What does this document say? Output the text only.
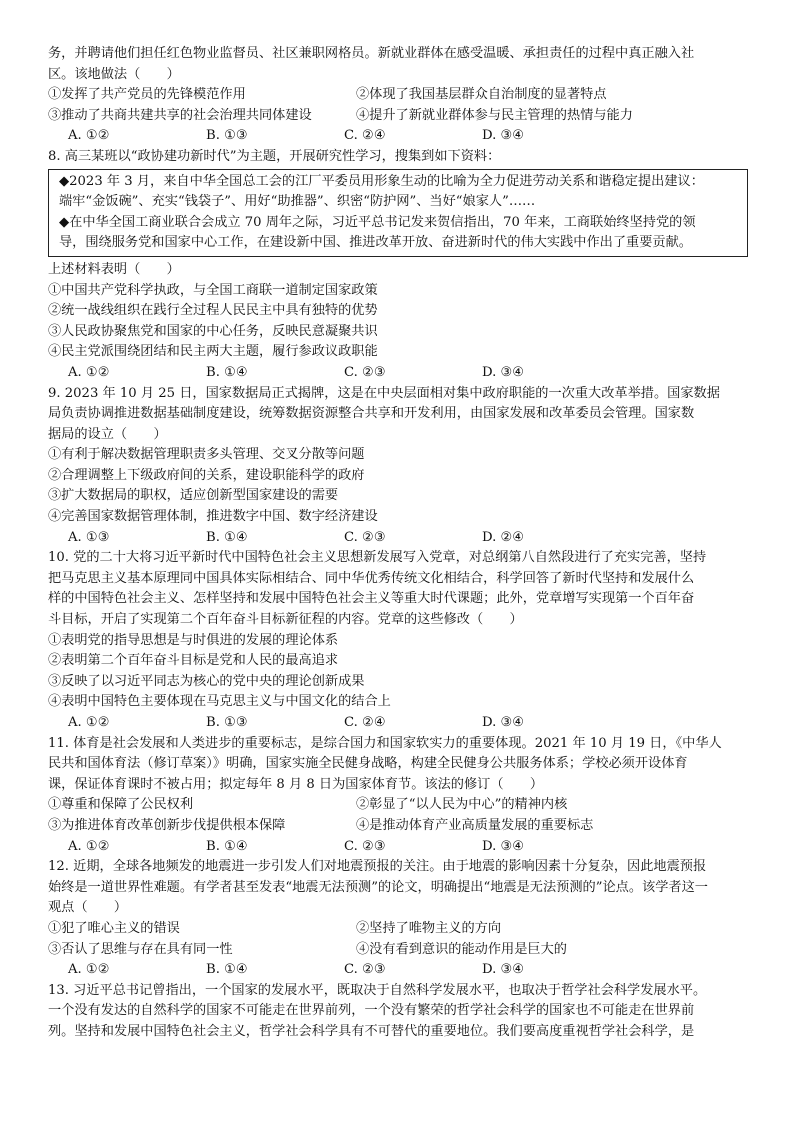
务，并聘请他们担任红色物业监督员、社区兼职网格员。新就业群体在感受温暖、承担责任的过程中真正融入社
区。该地做法（　　）
①发挥了共产党员的先锋模范作用	②体现了我国基层群众自治制度的显著特点
③推动了共商共建共享的社会治理共同体建设	④提升了新就业群体参与民主管理的热情与能力
A. ①②	B. ①③	C. ②④	D. ③④
8. 高三某班以“政协建功新时代”为主题，开展研究性学习，搜集到如下资料：
◆2023 年 3 月，来自中华全国总工会的江厂平委员用形象生动的比喻为全力促进劳动关系和谐稳定提出建议：
端牢“金饭碗”、充实“钱袋子”、用好“助推器”、织密“防护网”、当好“娘家人”……
◆在中华全国工商业联合会成立 70 周年之际，习近平总书记发来贺信指出，70 年来，工商联始终坚持党的领
导，围绕服务党和国家中心工作，在建设新中国、推进改革开放、奋进新时代的伟大实践中作出了重要贡献。
上述材料表明（　　）
①中国共产党科学执政，与全国工商联一道制定国家政策
②统一战线组织在践行全过程人民民主中具有独特的优势
③人民政协聚焦党和国家的中心任务，反映民意凝聚共识
④民主党派围绕团结和民主两大主题，履行参政议政职能
A. ①②	B. ①④	C. ②③	D. ③④
9. 2023 年 10 月 25 日，国家数据局正式揭牌，这是在中央层面相对集中政府职能的一次重大改革举措。国家数据
局负责协调推进数据基础制度建设，统筹数据资源整合共享和开发利用，由国家发展和改革委员会管理。国家数
据局的设立（　　）
①有利于解决数据管理职责多头管理、交叉分散等问题
②合理调整上下级政府间的关系，建设职能科学的政府
③扩大数据局的职权，适应创新型国家建设的需要
④完善国家数据管理体制，推进数字中国、数字经济建设
A. ①③	B. ①④	C. ②③	D. ②④
10. 党的二十大将习近平新时代中国特色社会主义思想新发展写入党章，对总纲第八自然段进行了充实完善，坚持
把马克思主义基本原理同中国具体实际相结合、同中华优秀传统文化相结合，科学回答了新时代坚持和发展什么
样的中国特色社会主义、怎样坚持和发展中国特色社会主义等重大时代课题；此外，党章增写实现第一个百年奋
斗目标，开启了实现第二个百年奋斗目标新征程的内容。党章的这些修改（　　）
①表明党的指导思想是与时俱进的发展的理论体系
②表明第二个百年奋斗目标是党和人民的最高追求
③反映了以习近平同志为核心的党中央的理论创新成果
④表明中国特色主要体现在马克思主义与中国文化的结合上
A. ①②	B. ①③	C. ②④	D. ③④
11. 体育是社会发展和人类进步的重要标志，是综合国力和国家软实力的重要体现。2021 年 10 月 19 日，《中华人
民共和国体育法（修订草案）》明确，国家实施全民健身战略，构建全民健身公共服务体系；学校必须开设体育
课，保证体育课时不被占用；拟定每年 8 月 8 日为国家体育节。该法的修订（　　）
①尊重和保障了公民权利	②彰显了“以人民为中心”的精神内核
③为推进体育改革创新步伐提供根本保障	④是推动体育产业高质量发展的重要标志
A. ①②	B. ①④	C. ②③	D. ③④
12. 近期，全球各地频发的地震进一步引发人们对地震预报的关注。由于地震的影响因素十分复杂，因此地震预报
始终是一道世界性难题。有学者甚至发表“地震无法预测”的论文，明确提出“地震是无法预测的”论点。该学者这一
观点（　　）
①犯了唯心主义的错误	②坚持了唯物主义的方向
③否认了思维与存在具有同一性	④没有看到意识的能动作用是巨大的
A. ①②	B. ①④	C. ②③	D. ③④
13. 习近平总书记曾指出，一个国家的发展水平，既取决于自然科学发展水平，也取决于哲学社会科学发展水平。
一个没有发达的自然科学的国家不可能走在世界前列，一个没有繁荣的哲学社会科学的国家也不可能走在世界前
列。坚持和发展中国特色社会主义，哲学社会科学具有不可替代的重要地位。我们要高度重视哲学社会科学，是
